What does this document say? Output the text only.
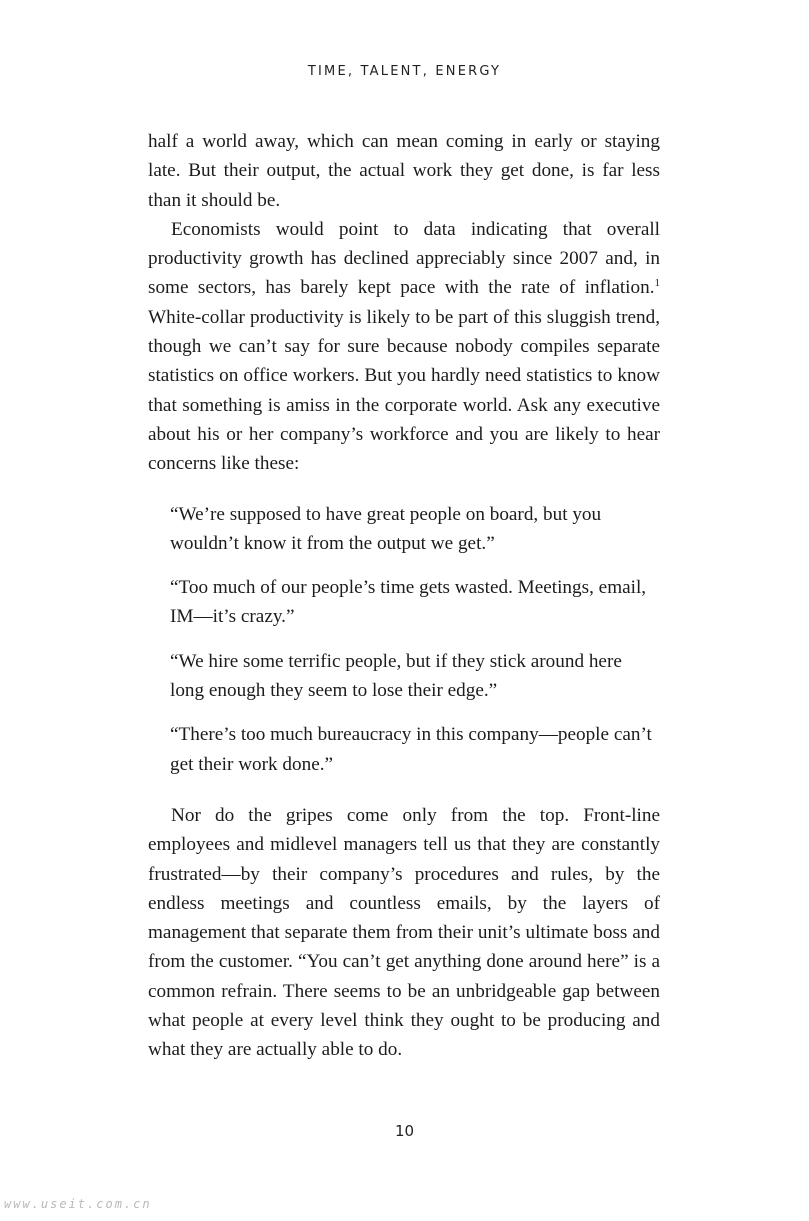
TIME, TALENT, ENERGY

half a world away, which can mean coming in early or staying late. But their output, the actual work they get done, is far less than it should be.

Economists would point to data indicating that overall productivity growth has declined appreciably since 2007 and, in some sectors, has barely kept pace with the rate of inflation.$^1$ White-collar productivity is likely to be part of this sluggish trend, though we can’t say for sure because nobody compiles separate statistics on office workers. But you hardly need statistics to know that something is amiss in the corporate world. Ask any executive about his or her company’s workforce and you are likely to hear concerns like these:

“We’re supposed to have great people on board, but you wouldn’t know it from the output we get.”

“Too much of our people’s time gets wasted. Meetings, email, IM—it’s crazy.”

“We hire some terrific people, but if they stick around here long enough they seem to lose their edge.”

“There’s too much bureaucracy in this company—people can’t get their work done.”

Nor do the gripes come only from the top. Front-line employees and midlevel managers tell us that they are constantly frustrated—by their company’s procedures and rules, by the endless meetings and countless emails, by the layers of management that separate them from their unit’s ultimate boss and from the customer. “You can’t get anything done around here” is a common refrain. There seems to be an unbridgeable gap between what people at every level think they ought to be producing and what they are actually able to do.

10
www.useit.com.cn
